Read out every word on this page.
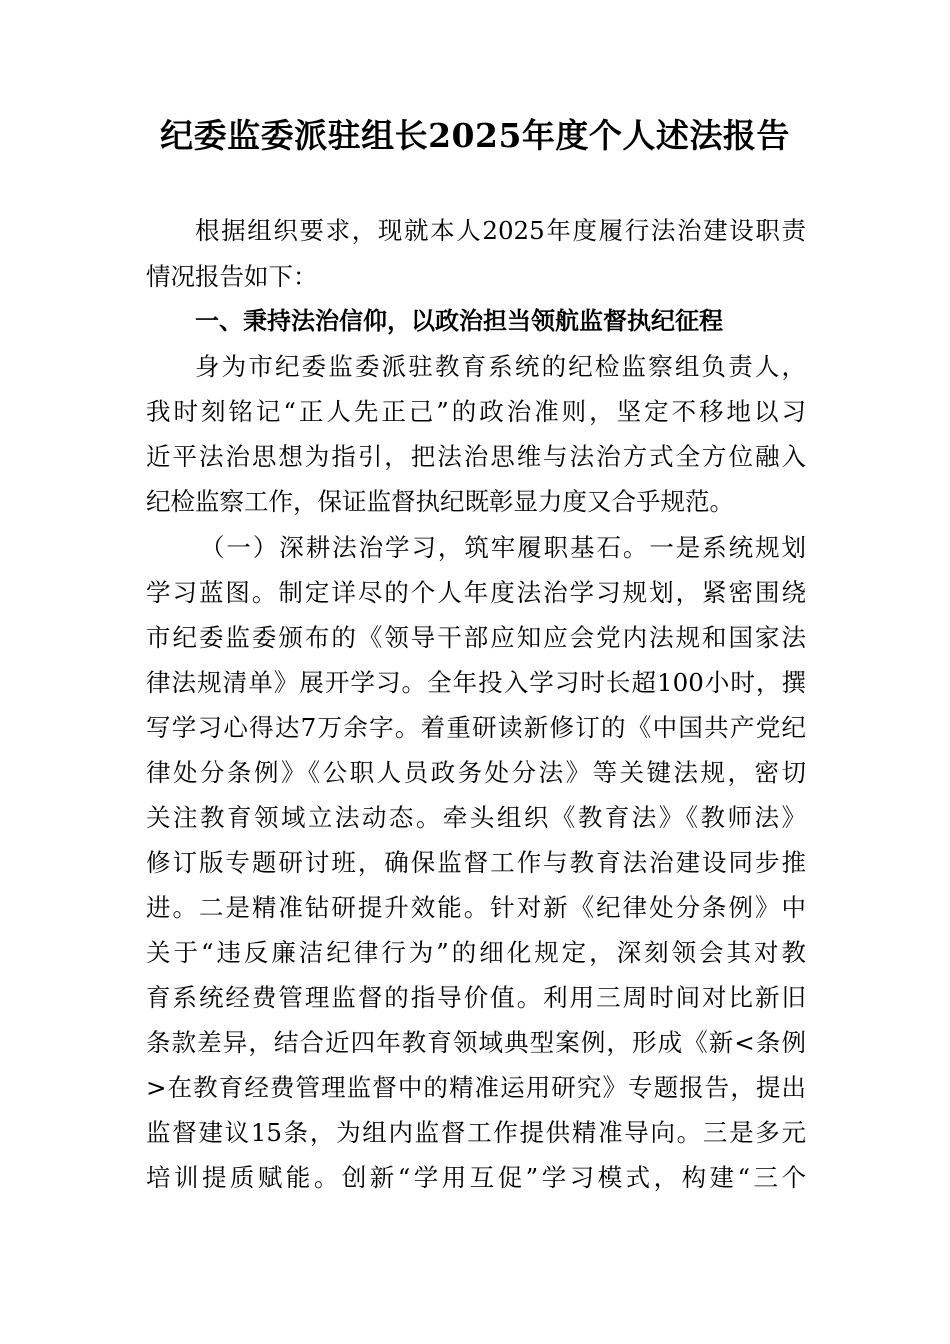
纪委监委派驻组长2025年度个人述法报告
根据组织要求，现就本人2025年度履行法治建设职责
情况报告如下：
一、秉持法治信仰，以政治担当领航监督执纪征程
身为市纪委监委派驻教育系统的纪检监察组负责人，
我时刻铭记“正人先正己”的政治准则，坚定不移地以习
近平法治思想为指引，把法治思维与法治方式全方位融入
纪检监察工作，保证监督执纪既彰显力度又合乎规范。
（一）深耕法治学习，筑牢履职基石。一是系统规划
学习蓝图。制定详尽的个人年度法治学习规划，紧密围绕
市纪委监委颁布的《领导干部应知应会党内法规和国家法
律法规清单》展开学习。全年投入学习时长超100小时，撰
写学习心得达7万余字。着重研读新修订的《中国共产党纪
律处分条例》《公职人员政务处分法》等关键法规，密切
关注教育领域立法动态。牵头组织《教育法》《教师法》
修订版专题研讨班，确保监督工作与教育法治建设同步推
进。二是精准钻研提升效能。针对新《纪律处分条例》中
关于“违反廉洁纪律行为”的细化规定，深刻领会其对教
育系统经费管理监督的指导价值。利用三周时间对比新旧
条款差异，结合近四年教育领域典型案例，形成《新<条例
>在教育经费管理监督中的精准运用研究》专题报告，提出
监督建议15条，为组内监督工作提供精准导向。三是多元
培训提质赋能。创新“学用互促”学习模式，构建“三个
